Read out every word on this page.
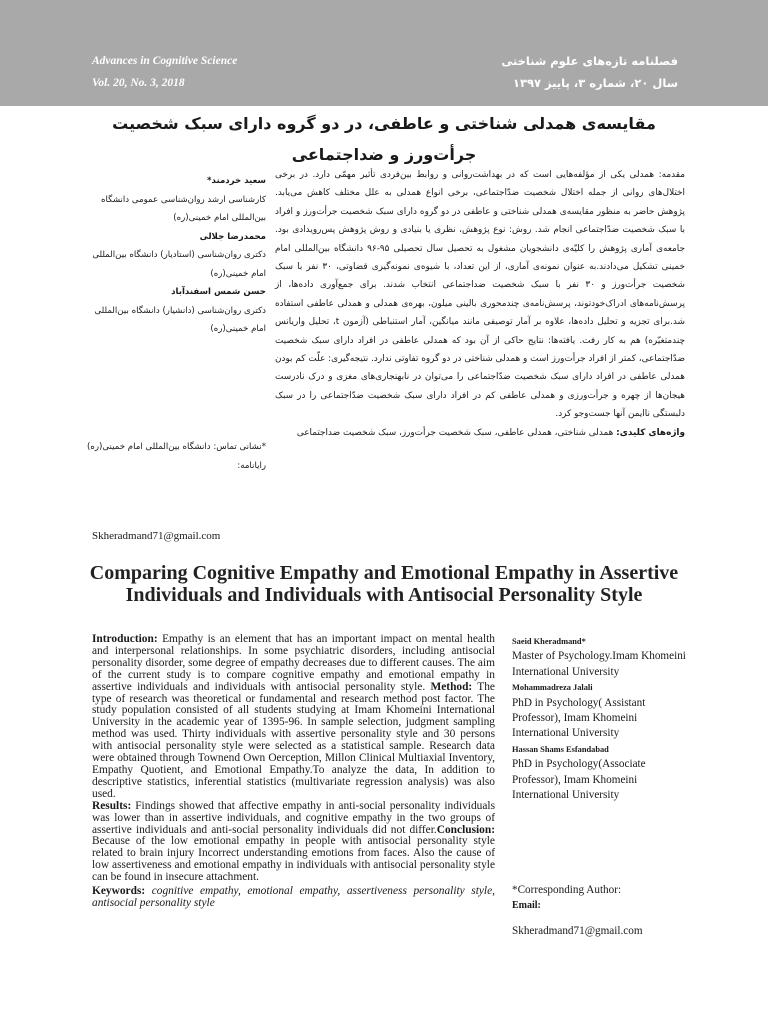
Advances in Cognitive Science
Vol. 20, No. 3, 2018
فصلنامه تازه‌های علوم شناختی
سال ۲۰، شماره ۳، پاییز ۱۳۹۷
مقایسه‌ی همدلی شناختی و عاطفی، در دو گروه دارای سبک شخصیت
جرأت‌ورز و ضداجتماعی
مقدمه: همدلی یکی از مؤلفه‌هایی است که در بهداشت‌روانی و روابط بین‌فردی تأثیر مهمّی دارد. در برخی اختلال‌های روانی از جمله اختلال شخصیت ضدّاجتماعی، برخی انواع همدلی به علل مختلف کاهش می‌یابد. پژوهش حاضر به منظور مقایسه‌ی همدلی شناختی و عاطفی در دو گروه دارای سبک شخصیت جرأت‌ورز و افراد با سبک شخصیت ضدّاجتماعی انجام شد. روش: نوع پژوهش، نظری یا بنیادی و روش پژوهش پس‌رویدادی بود. جامعه‌ی آماری پژوهش را کلیّه‌ی دانشجویان مشغول به تحصیل سال تحصیلی ۹۵-۹۶ دانشگاه بین‌المللی امام خمینی تشکیل می‌دادند.به عنوان نمونه‌ی آماری، از این تعداد، با شیوه‌ی نمونه‌گیری قضاوتی، ۳۰ نفر با سبک شخصیت جرأت‌ورز و ۳۰ نفر با سبک شخصیت ضداجتماعی انتخاب شدند. برای جمع‌آوری داده‌ها، از پرسش‌نامه‌های ادراک‌خودتوند، پرسش‌نامه‌ی چندمحوری بالینی میلون، بهره‌ی همدلی و همدلی عاطفی استفاده شد.برای تجزیه و تحلیل داده‌ها، علاوه بر آمار توصیفی مانند میانگین، آمار استنباطی (آزمون t، تحلیل واریانس چندمتغیّره) هم به کار رفت. یافته‌ها: نتایج حاکی از آن بود که همدلی عاطفی در افراد دارای سبک شخصیت ضدّاجتماعی، کمتر از افراد جرأت‌ورز است و همدلی شناختی در دو گروه تفاوتی ندارد. نتیجه‌گیری: علّت کم بودن همدلی عاطفی در افراد دارای سبک شخصیت ضدّاجتماعی را می‌توان در نابهنجاری‌های مغزی و درک نادرست هیجان‌ها از چهره و جرأت‌ورزی و همدلی عاطفی کم در افراد دارای سبک شخصیت ضدّاجتماعی را در سبک دلبستگی ناایمن آنها جست‌وجو کرد.
واژه‌های کلیدی: همدلی شناختی، همدلی عاطفی، سبک شخصیت جرأت‌ورز، سبک شخصیت ضداجتماعی
سعید خردمند*
کارشناسی ارشد روان‌شناسی عمومی دانشگاه بین‌المللی امام خمینی(ره)
محمدرضا جلالی
دکتری روان‌شناسی (استادیار) دانشگاه بین‌المللی امام خمینی(ره)
حسن شمس اسفندآباد
دکتری روان‌شناسی (دانشیار) دانشگاه بین‌المللی امام خمینی(ره)
*نشانی تماس: دانشگاه بین‌المللی امام خمینی(ره)
رایانامه:
Skheradmand71@gmail.com
Comparing Cognitive Empathy and Emotional Empathy in Assertive Individuals and Individuals with Antisocial Personality Style
Introduction: Empathy is an element that has an important impact on mental health and interpersonal relationships. In some psychiatric disorders, including antisocial personality disorder, some degree of empathy decreases due to different causes. The aim of the current study is to compare cognitive empathy and emotional empathy in assertive individuals and individuals with antisocial personality style. Method: The type of research was theoretical or fundamental and research method post factor. The study population consisted of all students studying at Imam Khomeini International University in the academic year of 1395-96. In sample selection, judgment sampling method was used. Thirty individuals with assertive personality style and 30 persons with antisocial personality style were selected as a statistical sample. Research data were obtained through Townend Own Oerception, Millon Clinical Multiaxial Inventory, Empathy Quotient, and Emotional Empathy.To analyze the data, In addition to descriptive statistics, inferential statistics (multivariate regression analysis) was also used.
Results: Findings showed that affective empathy in anti-social personality individuals was lower than in assertive individuals, and cognitive empathy in the two groups of assertive individuals and anti-social personality individuals did not differ.Conclusion: Because of the low emotional empathy in people with antisocial personality style related to brain injury Incorrect understanding emotions from faces. Also the cause of low assertiveness and emotional empathy in individuals with antisocial personality style can be found in insecure attachment.
Keywords: cognitive empathy, emotional empathy, assertiveness personality style, antisocial personality style
Saeid Kheradmand*
Master of Psychology.Imam Khomeini International University
Mohammadreza Jalali
PhD in Psychology( Assistant Professor), Imam Khomeini International University
Hassan Shams Esfandabad
PhD in Psychology(Associate Professor), Imam Khomeini International University
*Corresponding Author:
Email:
Skheradmand71@gmail.com
